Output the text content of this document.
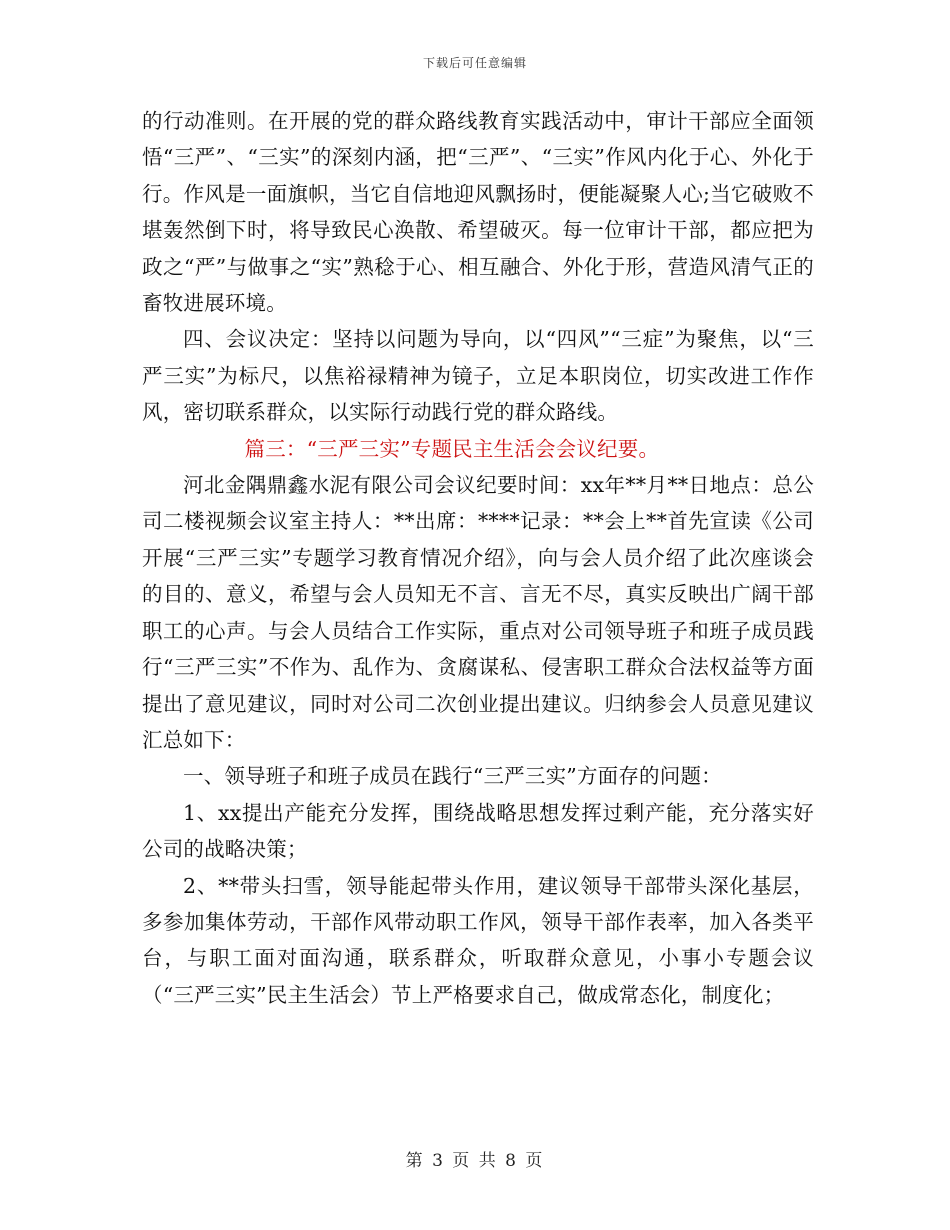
下载后可任意编辑

的行动准则。在开展的党的群众路线教育实践活动中，审计干部应全面领悟“三严”、“三实”的深刻内涵，把“三严”、“三实”作风内化于心、外化于行。作风是一面旗帜，当它自信地迎风飘扬时，便能凝聚人心;当它破败不堪轰然倒下时，将导致民心涣散、希望破灭。每一位审计干部，都应把为政之“严”与做事之“实”熟稔于心、相互融合、外化于形，营造风清气正的畜牧进展环境。

四、会议决定：坚持以问题为导向，以“四风”“三症”为聚焦，以“三严三实”为标尺，以焦裕禄精神为镜子，立足本职岗位，切实改进工作作风，密切联系群众，以实际行动践行党的群众路线。

篇三：“三严三实”专题民主生活会会议纪要。

河北金隅鼎鑫水泥有限公司会议纪要时间：xx年**月**日地点：总公司二楼视频会议室主持人：**出席：****记录：**会上**首先宣读《公司开展“三严三实”专题学习教育情况介绍》，向与会人员介绍了此次座谈会的目的、意义，希望与会人员知无不言、言无不尽，真实反映出广阔干部职工的心声。与会人员结合工作实际，重点对公司领导班子和班子成员践行“三严三实”不作为、乱作为、贪腐谋私、侵害职工群众合法权益等方面提出了意见建议，同时对公司二次创业提出建议。归纳参会人员意见建议汇总如下：

一、领导班子和班子成员在践行“三严三实”方面存的问题：

1、xx提出产能充分发挥，围绕战略思想发挥过剩产能，充分落实好公司的战略决策；

2、**带头扫雪，领导能起带头作用，建议领导干部带头深化基层，多参加集体劳动，干部作风带动职工作风，领导干部作表率，加入各类平台，与职工面对面沟通，联系群众，听取群众意见，小事小专题会议（“三严三实”民主生活会）节上严格要求自己，做成常态化，制度化；

第 3 页 共 8 页
